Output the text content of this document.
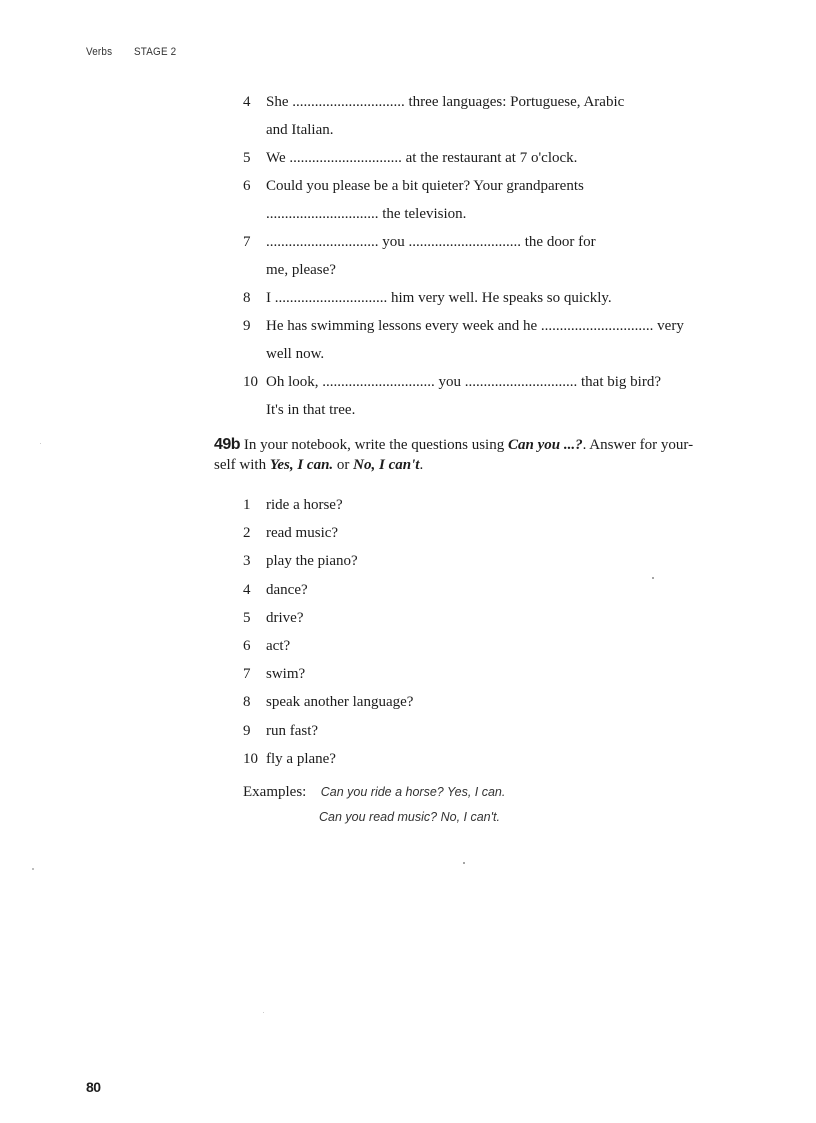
Verbs STAGE 2
4 She .............................. three languages: Portuguese, Arabic
and Italian.
5 We .............................. at the restaurant at 7 o'clock.
6 Could you please be a bit quieter? Your grandparents
.............................. the television.
7 .............................. you .............................. the door for
me, please?
8 I .............................. him very well. He speaks so quickly.
9 He has swimming lessons every week and he .............................. very
well now.
10 Oh look, .............................. you .............................. that big bird?
It's in that tree.
49b In your notebook, write the questions using Can you ...?. Answer for your-
self with Yes, I can. or No, I can't.
1 ride a horse?
2 read music?
3 play the piano?
4 dance?
5 drive?
6 act?
7 swim?
8 speak another language?
9 run fast?
10 fly a plane?
Examples: Can you ride a horse? Yes, I can.
Can you read music? No, I can't.
80
